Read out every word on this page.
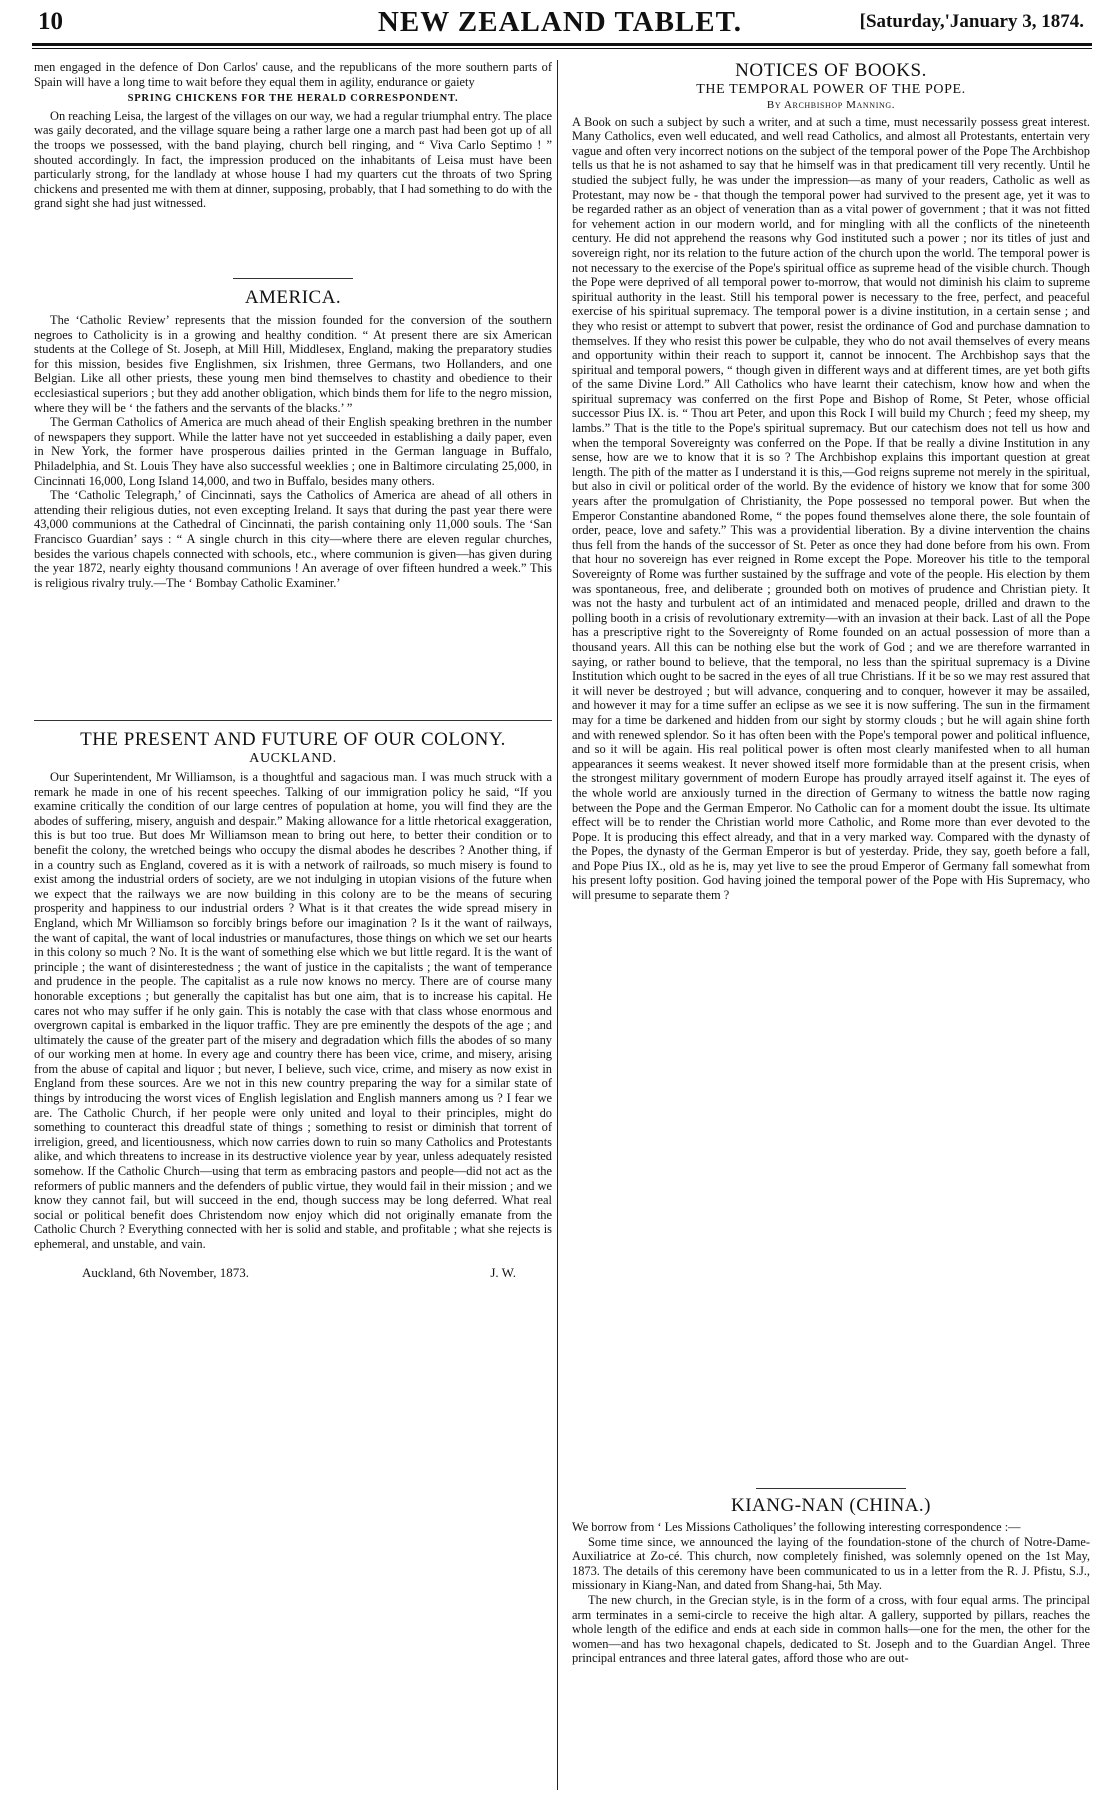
10	NEW ZEALAND TABLET.	[Saturday,'January 3, 1874.

men engaged in the defence of Don Carlos' cause, and the republicans of the more southern parts of Spain will have a long time to wait before they equal them in agility, endurance or gaiety

SPRING CHICKENS FOR THE HERALD CORRESPONDENT.

On reaching Leisa, the largest of the villages on our way, we had a regular triumphal entry. The place was gaily decorated, and the village square being a rather large one a march past had been got up of all the troops we possessed, with the band playing, church bell ringing, and “ Viva Carlo Septimo ! ” shouted accordingly. In fact, the impression produced on the inhabitants of Leisa must have been particularly strong, for the landlady at whose house I had my quarters cut the throats of two Spring chickens and presented me with them at dinner, supposing, probably, that I had something to do with the grand sight she had just witnessed.

AMERICA.

The ‘Catholic Review’ represents that the mission founded for the conversion of the southern negroes to Catholicity is in a growing and healthy condition. “ At present there are six American students at the College of St. Joseph, at Mill Hill, Middlesex, England, making the preparatory studies for this mission, besides five Englishmen, six Irishmen, three Germans, two Hollanders, and one Belgian. Like all other priests, these young men bind themselves to chastity and obedience to their ecclesiastical superiors ; but they add another obligation, which binds them for life to the negro mission, where they will be ‘ the fathers and the servants of the blacks.’ ”

The German Catholics of America are much ahead of their English speaking brethren in the number of newspapers they support. While the latter have not yet succeeded in establishing a daily paper, even in New York, the former have prosperous dailies printed in the German language in Buffalo, Philadelphia, and St. Louis They have also successful weeklies ; one in Baltimore circulating 25,000, in Cincinnati 16,000, Long Island 14,000, and two in Buffalo, besides many others.

The ‘Catholic Telegraph,’ of Cincinnati, says the Catholics of America are ahead of all others in attending their religious duties, not even excepting Ireland. It says that during the past year there were 43,000 communions at the Cathedral of Cincinnati, the parish containing only 11,000 souls. The ‘San Francisco Guardian’ says : “ A single church in this city—where there are eleven regular churches, besides the various chapels connected with schools, etc., where communion is given—has given during the year 1872, nearly eighty thousand communions ! An average of over fifteen hundred a week.” This is religious rivalry truly.—The ‘ Bombay Catholic Examiner.’

THE PRESENT AND FUTURE OF OUR COLONY.
AUCKLAND.

Our Superintendent, Mr Williamson, is a thoughtful and sagacious man. I was much struck with a remark he made in one of his recent speeches. Talking of our immigration policy he said, “If you examine critically the condition of our large centres of population at home, you will find they are the abodes of suffering, misery, anguish and despair.” Making allowance for a little rhetorical exaggeration, this is but too true. But does Mr Williamson mean to bring out here, to better their condition or to benefit the colony, the wretched beings who occupy the dismal abodes he describes ? Another thing, if in a country such as England, covered as it is with a network of railroads, so much misery is found to exist among the industrial orders of society, are we not indulging in utopian visions of the future when we expect that the railways we are now building in this colony are to be the means of securing prosperity and happiness to our industrial orders ? What is it that creates the wide spread misery in England, which Mr Williamson so forcibly brings before our imagination ? Is it the want of railways, the want of capital, the want of local industries or manufactures, those things on which we set our hearts in this colony so much ? No. It is the want of something else which we but little regard. It is the want of principle ; the want of disinterestedness ; the want of justice in the capitalists ; the want of temperance and prudence in the people. The capitalist as a rule now knows no mercy. There are of course many honorable exceptions ; but generally the capitalist has but one aim, that is to increase his capital. He cares not who may suffer if he only gain. This is notably the case with that class whose enormous and overgrown capital is embarked in the liquor traffic. They are pre eminently the despots of the age ; and ultimately the cause of the greater part of the misery and degradation which fills the abodes of so many of our working men at home. In every age and country there has been vice, crime, and misery, arising from the abuse of capital and liquor ; but never, I believe, such vice, crime, and misery as now exist in England from these sources. Are we not in this new country preparing the way for a similar state of things by introducing the worst vices of English legislation and English manners among us ? I fear we are. The Catholic Church, if her people were only united and loyal to their principles, might do something to counteract this dreadful state of things ; something to resist or diminish that torrent of irreligion, greed, and licentiousness, which now carries down to ruin so many Catholics and Protestants alike, and which threatens to increase in its destructive violence year by year, unless adequately resisted somehow. If the Catholic Church—using that term as embracing pastors and people—did not act as the reformers of public manners and the defenders of public virtue, they would fail in their mission ; and we know they cannot fail, but will succeed in the end, though success may be long deferred. What real social or political benefit does Christendom now enjoy which did not originally emanate from the Catholic Church ? Everything connected with her is solid and stable, and profitable ; what she rejects is ephemeral, and unstable, and vain.

J. W.
Auckland, 6th November, 1873.
NOTICES OF BOOKS.
THE TEMPORAL POWER OF THE POPE.
By Archbishop Manning.

A Book on such a subject by such a writer, and at such a time, must necessarily possess great interest. Many Catholics, even well educated, and well read Catholics, and almost all Protestants, entertain very vague and often very incorrect notions on the subject of the temporal power of the Pope The Archbishop tells us that he is not ashamed to say that he himself was in that predicament till very recently. Until he studied the subject fully, he was under the impression—as many of your readers, Catholic as well as Protestant, may now be - that though the temporal power had survived to the present age, yet it was to be regarded rather as an object of veneration than as a vital power of government ; that it was not fitted for vehement action in our modern world, and for mingling with all the conflicts of the nineteenth century. He did not apprehend the reasons why God instituted such a power ; nor its titles of just and sovereign right, nor its relation to the future action of the church upon the world. The temporal power is not necessary to the exercise of the Pope's spiritual office as supreme head of the visible church. Though the Pope were deprived of all temporal power to-morrow, that would not diminish his claim to supreme spiritual authority in the least. Still his temporal power is necessary to the free, perfect, and peaceful exercise of his spiritual supremacy. The temporal power is a divine institution, in a certain sense ; and they who resist or attempt to subvert that power, resist the ordinance of God and purchase damnation to themselves. If they who resist this power be culpable, they who do not avail themselves of every means and opportunity within their reach to support it, cannot be innocent. The Archbishop says that the spiritual and temporal powers, “ though given in different ways and at different times, are yet both gifts of the same Divine Lord.” All Catholics who have learnt their catechism, know how and when the spiritual supremacy was conferred on the first Pope and Bishop of Rome, St Peter, whose official successor Pius IX. is. “ Thou art Peter, and upon this Rock I will build my Church ; feed my sheep, my lambs.” That is the title to the Pope's spiritual supremacy. But our catechism does not tell us how and when the temporal Sovereignty was conferred on the Pope. If that be really a divine Institution in any sense, how are we to know that it is so ? The Archbishop explains this important question at great length. The pith of the matter as I understand it is this,—God reigns supreme not merely in the spiritual, but also in civil or political order of the world. By the evidence of history we know that for some 300 years after the promulgation of Christianity, the Pope possessed no temporal power. But when the Emperor Constantine abandoned Rome, “ the popes found themselves alone there, the sole fountain of order, peace, love and safety.” This was a providential liberation. By a divine intervention the chains thus fell from the hands of the successor of St. Peter as once they had done before from his own. From that hour no sovereign has ever reigned in Rome except the Pope. Moreover his title to the temporal Sovereignty of Rome was further sustained by the suffrage and vote of the people. His election by them was spontaneous, free, and deliberate ; grounded both on motives of prudence and Christian piety. It was not the hasty and turbulent act of an intimidated and menaced people, drilled and drawn to the polling booth in a crisis of revolutionary extremity—with an invasion at their back. Last of all the Pope has a prescriptive right to the Sovereignty of Rome founded on an actual possession of more than a thousand years. All this can be nothing else but the work of God ; and we are therefore warranted in saying, or rather bound to believe, that the temporal, no less than the spiritual supremacy is a Divine Institution which ought to be sacred in the eyes of all true Christians. If it be so we may rest assured that it will never be destroyed ; but will advance, conquering and to conquer, however it may be assailed, and however it may for a time suffer an eclipse as we see it is now suffering. The sun in the firmament may for a time be darkened and hidden from our sight by stormy clouds ; but he will again shine forth and with renewed splendor. So it has often been with the Pope's temporal power and political influence, and so it will be again. His real political power is often most clearly manifested when to all human appearances it seems weakest. It never showed itself more formidable than at the present crisis, when the strongest military government of modern Europe has proudly arrayed itself against it. The eyes of the whole world are anxiously turned in the direction of Germany to witness the battle now raging between the Pope and the German Emperor. No Catholic can for a moment doubt the issue. Its ultimate effect will be to render the Christian world more Catholic, and Rome more than ever devoted to the Pope. It is producing this effect already, and that in a very marked way. Compared with the dynasty of the Popes, the dynasty of the German Emperor is but of yesterday. Pride, they say, goeth before a fall, and Pope Pius IX., old as he is, may yet live to see the proud Emperor of Germany fall somewhat from his present lofty position. God having joined the temporal power of the Pope with His Supremacy, who will presume to separate them ?

KIANG-NAN (CHINA.)

We borrow from ‘ Les Missions Catholiques’ the following interesting correspondence :—

Some time since, we announced the laying of the foundation-stone of the church of Notre-Dame-Auxiliatrice at Zo-cé. This church, now completely finished, was solemnly opened on the 1st May, 1873. The details of this ceremony have been communicated to us in a letter from the R. J. Pfistu, S.J., missionary in Kiang-Nan, and dated from Shang-hai, 5th May.

The new church, in the Grecian style, is in the form of a cross, with four equal arms. The principal arm terminates in a semi-circle to receive the high altar. A gallery, supported by pillars, reaches the whole length of the edifice and ends at each side in common halls—one for the men, the other for the women—and has two hexagonal chapels, dedicated to St. Joseph and to the Guardian Angel. Three principal entrances and three lateral gates, afford those who are out-
